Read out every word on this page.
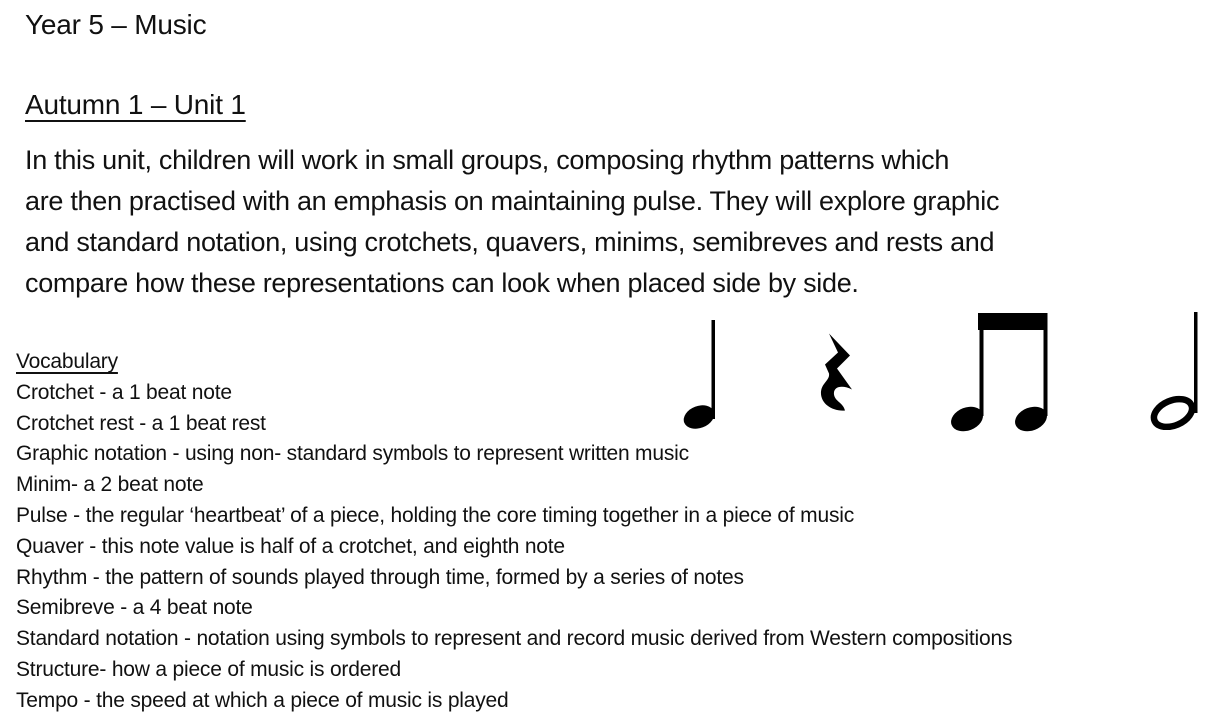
Year 5 – Music
Autumn 1 – Unit 1
In this unit, children will work in small groups, composing rhythm patterns which
are then practised with an emphasis on maintaining pulse. They will explore graphic
and standard notation, using crotchets, quavers, minims, semibreves and rests and
compare how these representations can look when placed side by side.
Vocabulary
Crotchet - a 1 beat note
Crotchet rest - a 1 beat rest
Graphic notation - using non- standard symbols to represent written music
Minim- a 2 beat note
Pulse - the regular ‘heartbeat’ of a piece, holding the core timing together in a piece of music
Quaver - this note value is half of a crotchet, and eighth note
Rhythm - the pattern of sounds played through time, formed by a series of notes
Semibreve - a 4 beat note
Standard notation - notation using symbols to represent and record music derived from Western compositions
Structure- how a piece of music is ordered
Tempo - the speed at which a piece of music is played
